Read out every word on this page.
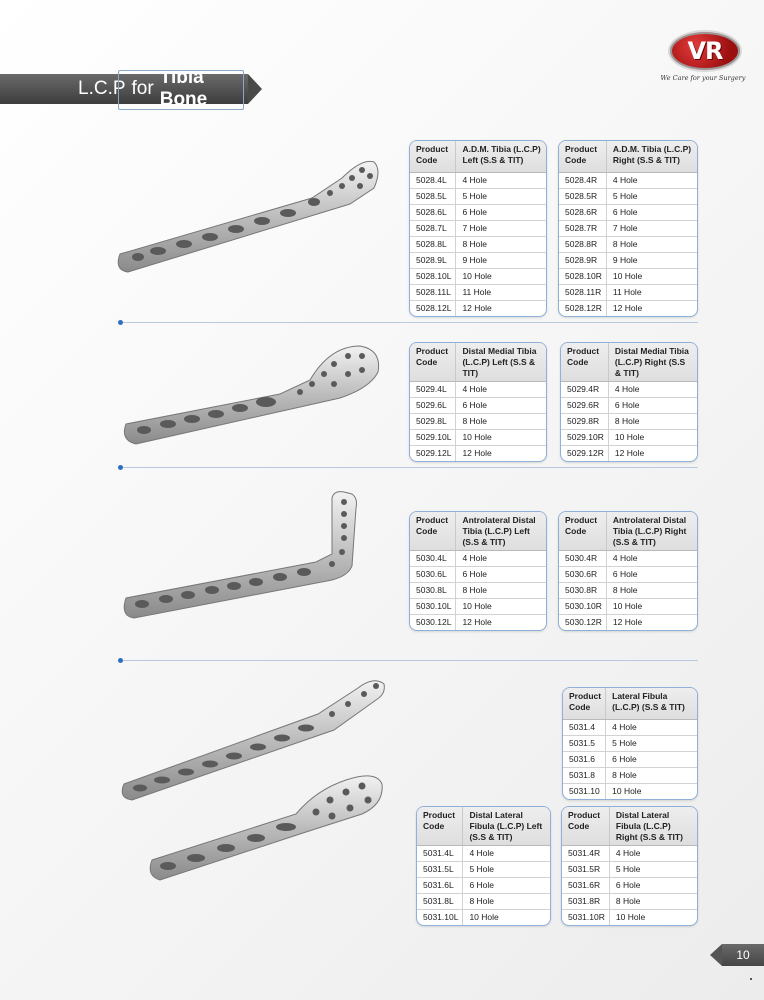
VR
We Care for your Surgery
L.C.P for
Tibia Bone
Product Code	A.D.M. Tibia (L.C.P) Left (S.S & TIT)
5028.4L	4 Hole
5028.5L	5 Hole
5028.6L	6 Hole
5028.7L	7 Hole
5028.8L	8 Hole
5028.9L	9 Hole
5028.10L	10 Hole
5028.11L	11 Hole
5028.12L	12 Hole
Product Code	A.D.M. Tibia (L.C.P) Right (S.S & TIT)
5028.4R	4 Hole
5028.5R	5 Hole
5028.6R	6 Hole
5028.7R	7 Hole
5028.8R	8 Hole
5028.9R	9 Hole
5028.10R	10 Hole
5028.11R	11 Hole
5028.12R	12 Hole
Product Code	Distal Medial Tibia (L.C.P) Left (S.S & TIT)
5029.4L	4 Hole
5029.6L	6 Hole
5029.8L	8 Hole
5029.10L	10 Hole
5029.12L	12 Hole
Product Code	Distal Medial Tibia (L.C.P) Right (S.S & TIT)
5029.4R	4 Hole
5029.6R	6 Hole
5029.8R	8 Hole
5029.10R	10 Hole
5029.12R	12 Hole
Product Code	Antrolateral Distal Tibia (L.C.P) Left (S.S & TIT)
5030.4L	4 Hole
5030.6L	6 Hole
5030.8L	8 Hole
5030.10L	10 Hole
5030.12L	12 Hole
Product Code	Antrolateral Distal Tibia (L.C.P) Right (S.S & TIT)
5030.4R	4 Hole
5030.6R	6 Hole
5030.8R	8 Hole
5030.10R	10 Hole
5030.12R	12 Hole
Product Code	Lateral Fibula (L.C.P) (S.S & TIT)
5031.4	4 Hole
5031.5	5 Hole
5031.6	6 Hole
5031.8	8 Hole
5031.10	10 Hole
Product Code	Distal Lateral Fibula (L.C.P) Left (S.S & TIT)
5031.4L	4 Hole
5031.5L	5 Hole
5031.6L	6 Hole
5031.8L	8 Hole
5031.10L	10 Hole
Product Code	Distal Lateral Fibula (L.C.P) Right (S.S & TIT)
5031.4R	4 Hole
5031.5R	5 Hole
5031.6R	6 Hole
5031.8R	8 Hole
5031.10R	10 Hole
10
